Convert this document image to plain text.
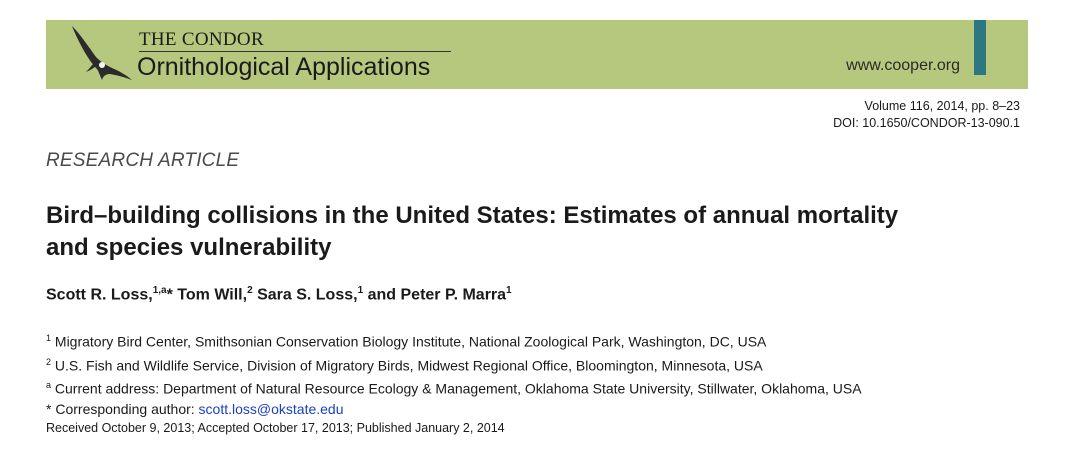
THE CONDOR
Ornithological Applications	www.cooper.org
Volume 116, 2014, pp. 8–23
DOI: 10.1650/CONDOR-13-090.1
RESEARCH ARTICLE
Bird–building collisions in the United States: Estimates of annual mortality
and species vulnerability
Scott R. Loss,$^{1,a}$* Tom Will,$^2$ Sara S. Loss,$^1$ and Peter P. Marra$^1$
$^1$ Migratory Bird Center, Smithsonian Conservation Biology Institute, National Zoological Park, Washington, DC, USA
$^2$ U.S. Fish and Wildlife Service, Division of Migratory Birds, Midwest Regional Office, Bloomington, Minnesota, USA
$^a$ Current address: Department of Natural Resource Ecology & Management, Oklahoma State University, Stillwater, Oklahoma, USA
* Corresponding author: scott.loss@okstate.edu
Received October 9, 2013; Accepted October 17, 2013; Published January 2, 2014
